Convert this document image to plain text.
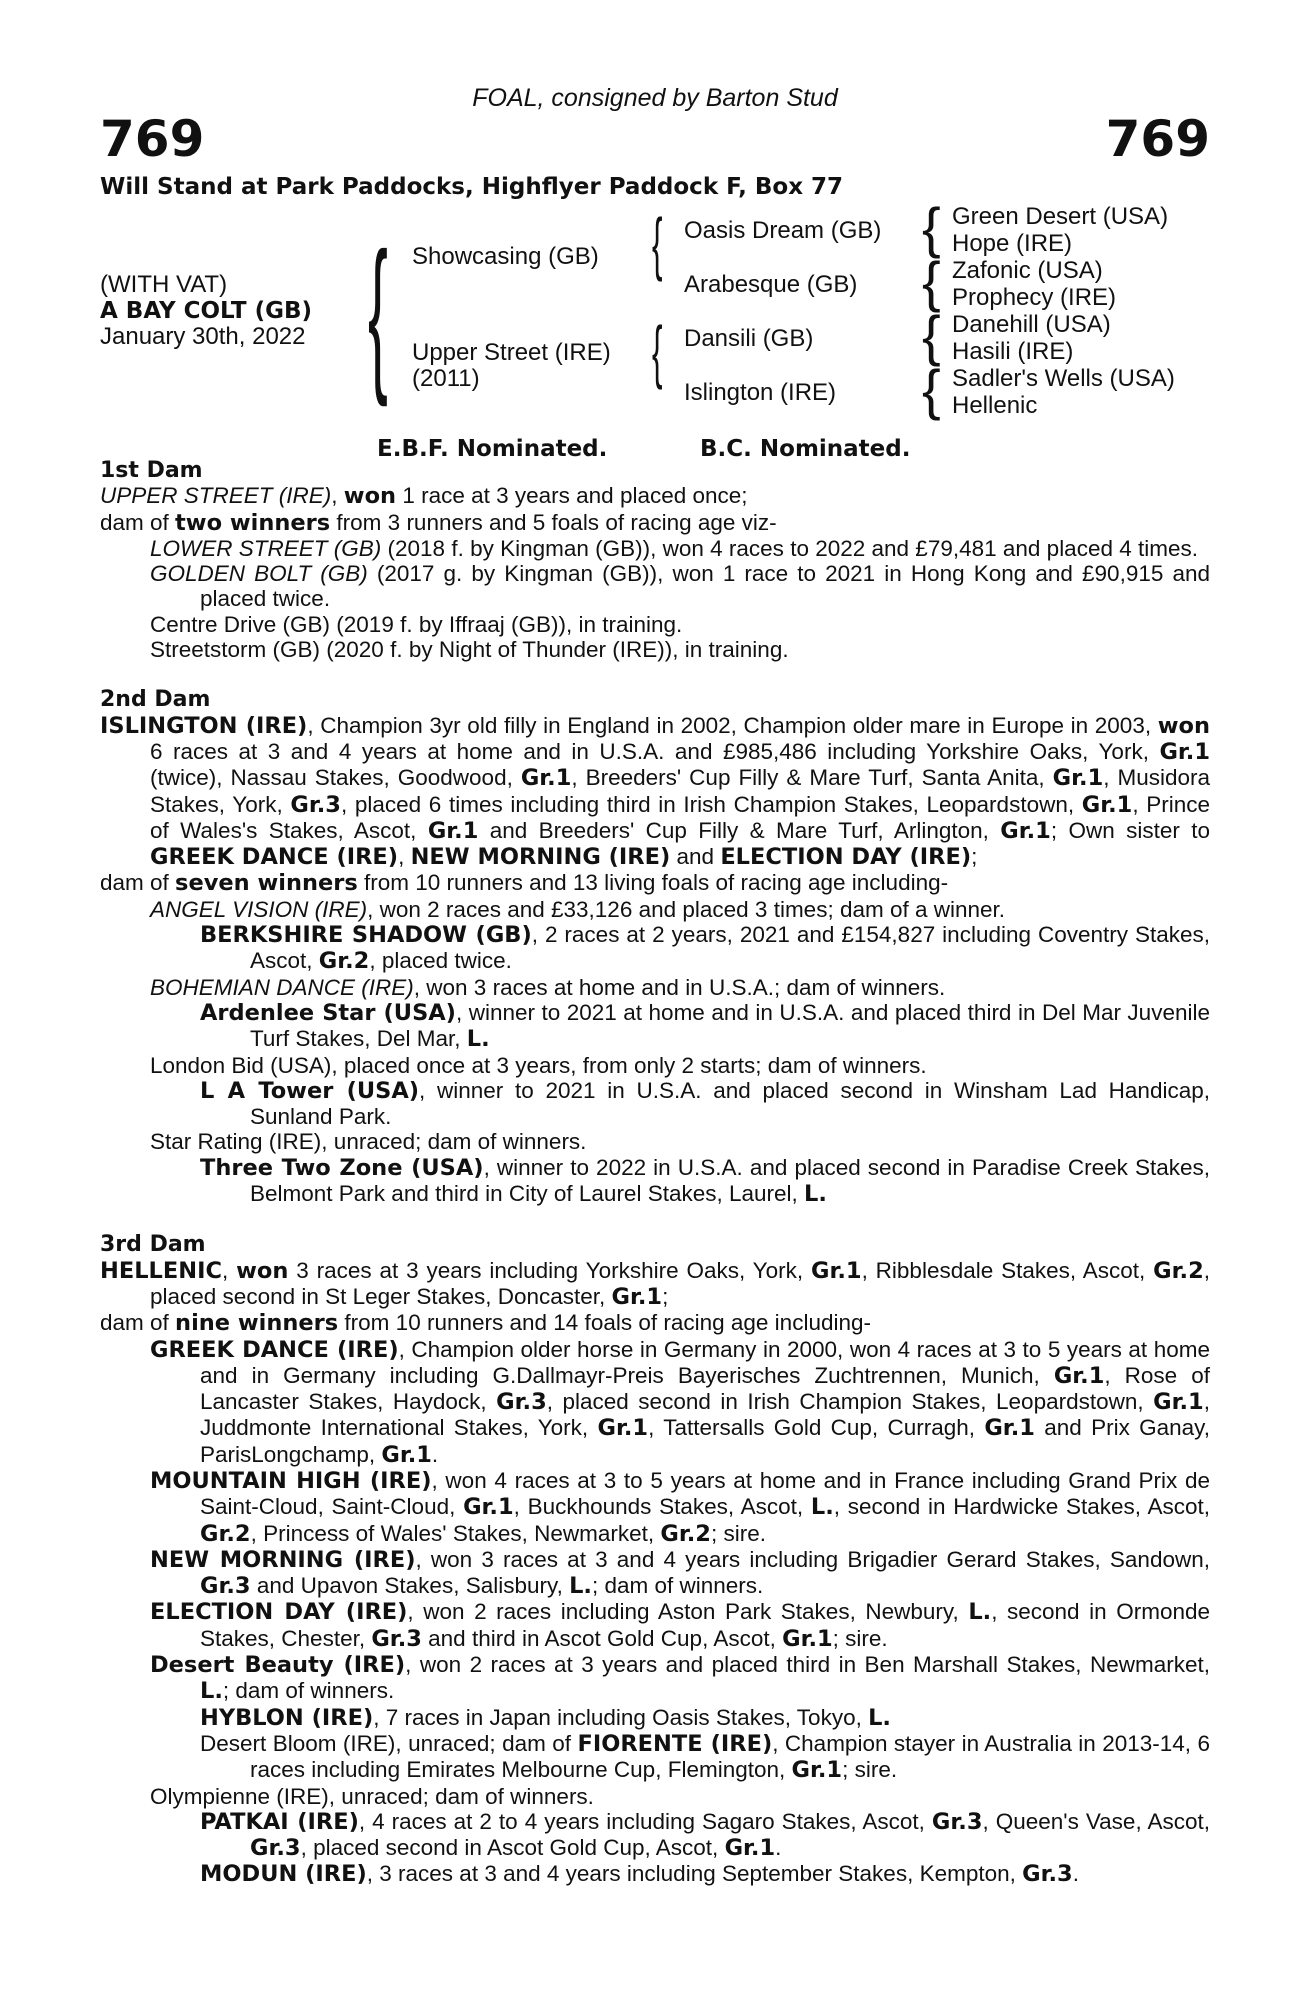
FOAL, consigned by Barton Stud
769	769
Will Stand at Park Paddocks, Highflyer Paddock F, Box 77
(WITH VAT)
A BAY COLT (GB)
January 30th, 2022 { Showcasing (GB)
Upper Street (IRE)
(2011)
{
{
Oasis Dream (GB)
Arabesque (GB)
Dansili (GB)
Islington (IRE)
{
{
{
{
Green Desert (USA)
Hope (IRE)
Zafonic (USA)
Prophecy (IRE)
Danehill (USA)
Hasili (IRE)
Sadler's Wells (USA)
Hellenic
E.B.F. Nominated.	B.C. Nominated.

1st Dam

UPPER STREET (IRE), won 1 race at 3 years and placed once;

dam of two winners from 3 runners and 5 foals of racing age viz-

LOWER STREET (GB) (2018 f. by Kingman (GB)), won 4 races to 2022 and £79,481 and placed 4 times.

GOLDEN BOLT (GB) (2017 g. by Kingman (GB)), won 1 race to 2021 in Hong Kong and £90,915 and placed twice.

Centre Drive (GB) (2019 f. by Iffraaj (GB)), in training.

Streetstorm (GB) (2020 f. by Night of Thunder (IRE)), in training.

2nd Dam

ISLINGTON (IRE), Champion 3yr old filly in England in 2002, Champion older mare in Europe in 2003, won 6 races at 3 and 4 years at home and in U.S.A. and £985,486 including Yorkshire Oaks, York, Gr.1 (twice), Nassau Stakes, Goodwood, Gr.1, Breeders' Cup Filly & Mare Turf, Santa Anita, Gr.1, Musidora Stakes, York, Gr.3, placed 6 times including third in Irish Champion Stakes, Leopardstown, Gr.1, Prince of Wales's Stakes, Ascot, Gr.1 and Breeders' Cup Filly & Mare Turf, Arlington, Gr.1; Own sister to GREEK DANCE (IRE), NEW MORNING (IRE) and ELECTION DAY (IRE);

dam of seven winners from 10 runners and 13 living foals of racing age including-

ANGEL VISION (IRE), won 2 races and £33,126 and placed 3 times; dam of a winner.

BERKSHIRE SHADOW (GB), 2 races at 2 years, 2021 and £154,827 including Coventry Stakes, Ascot, Gr.2, placed twice.

BOHEMIAN DANCE (IRE), won 3 races at home and in U.S.A.; dam of winners.

Ardenlee Star (USA), winner to 2021 at home and in U.S.A. and placed third in Del Mar Juvenile Turf Stakes, Del Mar, L.

London Bid (USA), placed once at 3 years, from only 2 starts; dam of winners.

L A Tower (USA), winner to 2021 in U.S.A. and placed second in Winsham Lad Handicap, Sunland Park.

Star Rating (IRE), unraced; dam of winners.

Three Two Zone (USA), winner to 2022 in U.S.A. and placed second in Paradise Creek Stakes, Belmont Park and third in City of Laurel Stakes, Laurel, L.

3rd Dam

HELLENIC, won 3 races at 3 years including Yorkshire Oaks, York, Gr.1, Ribblesdale Stakes, Ascot, Gr.2, placed second in St Leger Stakes, Doncaster, Gr.1;

dam of nine winners from 10 runners and 14 foals of racing age including-

GREEK DANCE (IRE), Champion older horse in Germany in 2000, won 4 races at 3 to 5 years at home and in Germany including G.Dallmayr-Preis Bayerisches Zuchtrennen, Munich, Gr.1, Rose of Lancaster Stakes, Haydock, Gr.3, placed second in Irish Champion Stakes, Leopardstown, Gr.1, Juddmonte International Stakes, York, Gr.1, Tattersalls Gold Cup, Curragh, Gr.1 and Prix Ganay, ParisLongchamp, Gr.1.

MOUNTAIN HIGH (IRE), won 4 races at 3 to 5 years at home and in France including Grand Prix de Saint-Cloud, Saint-Cloud, Gr.1, Buckhounds Stakes, Ascot, L., second in Hardwicke Stakes, Ascot, Gr.2, Princess of Wales' Stakes, Newmarket, Gr.2; sire.

NEW MORNING (IRE), won 3 races at 3 and 4 years including Brigadier Gerard Stakes, Sandown, Gr.3 and Upavon Stakes, Salisbury, L.; dam of winners.

ELECTION DAY (IRE), won 2 races including Aston Park Stakes, Newbury, L., second in Ormonde Stakes, Chester, Gr.3 and third in Ascot Gold Cup, Ascot, Gr.1; sire.

Desert Beauty (IRE), won 2 races at 3 years and placed third in Ben Marshall Stakes, Newmarket, L.; dam of winners.

HYBLON (IRE), 7 races in Japan including Oasis Stakes, Tokyo, L.

Desert Bloom (IRE), unraced; dam of FIORENTE (IRE), Champion stayer in Australia in 2013-14, 6 races including Emirates Melbourne Cup, Flemington, Gr.1; sire.

Olympienne (IRE), unraced; dam of winners.

PATKAI (IRE), 4 races at 2 to 4 years including Sagaro Stakes, Ascot, Gr.3, Queen's Vase, Ascot, Gr.3, placed second in Ascot Gold Cup, Ascot, Gr.1.

MODUN (IRE), 3 races at 3 and 4 years including September Stakes, Kempton, Gr.3.
